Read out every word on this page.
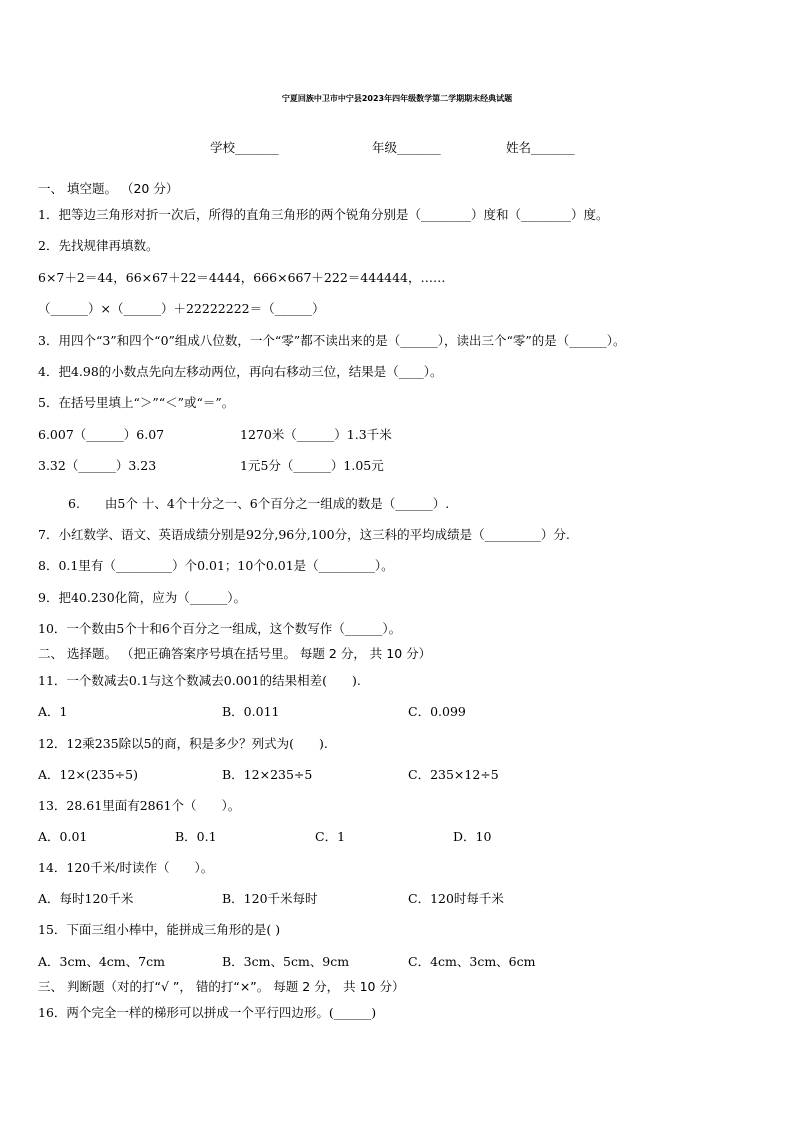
宁夏回族中卫市中宁县2023年四年级数学第二学期期末经典试题
学校_______	年级_______	姓名_______
一、 填空题。 （20 分）
1．把等边三角形对折一次后，所得的直角三角形的两个锐角分别是（________）度和（________）度。
2．先找规律再填数。
6×7＋2＝44，66×67＋22＝4444，666×667＋222＝444444，……
（______）×（______）＋22222222＝（______）
3．用四个“3”和四个“0”组成八位数，一个“零”都不读出来的是（______），读出三个“零”的是（______）。
4．把4.98的小数点先向左移动两位，再向右移动三位，结果是（____）。
5．在括号里填上“＞”“＜”或“＝”。
6.007（______）6.07	1270米（______）1.3千米
3.32（______）3.23	1元5分（______）1.05元
6.　　由5个 十、4个十分之一、6个百分之一组成的数是（______）.
7．小红数学、语文、英语成绩分别是92分,96分,100分，这三科的平均成绩是（_________）分.
8．0.1里有（_________）个0.01；10个0.01是（_________）。
9．把40.230化简，应为（______）。
10．一个数由5个十和6个百分之一组成，这个数写作（______）。
二、 选择题。 （把正确答案序号填在括号里。 每题 2 分， 共 10 分）
11．一个数减去0.1与这个数减去0.001的结果相差(　　).
A．1	B．0.011	C．0.099
12．12乘235除以5的商，积是多少？列式为(　　).
A．12×(235÷5)	B．12×235÷5	C．235×12÷5
13．28.61里面有2861个（　　）。
A．0.01	B．0.1	C．1	D．10
14．120千米/时读作（　　）。
A．每时120千米	B．120千米每时	C．120时每千米
15．下面三组小棒中，能拼成三角形的是( )
A．3cm、4cm、7cm	B．3cm、5cm、9cm	C．4cm、3cm、6cm
三、 判断题（对的打“√ ”， 错的打“×”。 每题 2 分， 共 10 分）
16．两个完全一样的梯形可以拼成一个平行四边形。(______)
